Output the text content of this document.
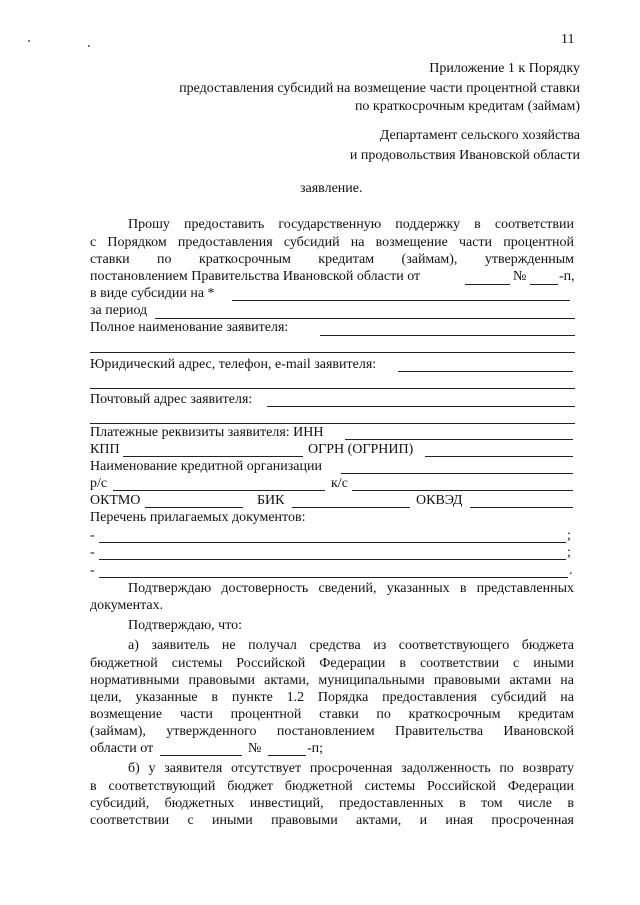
11
Приложение 1 к Порядку
предоставления субсидий на возмещение части процентной ставки
по краткосрочным кредитам (займам)
Департамент сельского хозяйства
и продовольствия Ивановской области
заявление.
Прошу предоставить государственную поддержку в соответствии
с Порядком предоставления субсидий на возмещение части процентной
ставки по краткосрочным кредитам (займам), утвержденным
постановлением Правительства Ивановской области от	№ -п,
в виде субсидии на *
за период
Полное наименование заявителя:
Юридический адрес, телефон, e-mail заявителя:
Почтовый адрес заявителя:
Платежные реквизиты заявителя: ИНН
КПП	ОГРН (ОГРНИП)
Наименование кредитной организации
р/с	к/с
ОКТМО	БИК	ОКВЭД
Перечень прилагаемых документов:
-	;
-	;
-	.
Подтверждаю достоверность сведений, указанных в представленных
документах.
Подтверждаю, что:
а) заявитель не получал средства из соответствующего бюджета
бюджетной системы Российской Федерации в соответствии с иными
нормативными правовыми актами, муниципальными правовыми актами на
цели, указанные в пункте 1.2 Порядка предоставления субсидий на
возмещение части процентной ставки по краткосрочным кредитам
(займам), утвержденного постановлением Правительства Ивановской
области от	№	-п;
б) у заявителя отсутствует просроченная задолженность по возврату
в соответствующий бюджет бюджетной системы Российской Федерации
субсидий, бюджетных инвестиций, предоставленных в том числе в
соответствии с иными правовыми актами, и иная просроченная
